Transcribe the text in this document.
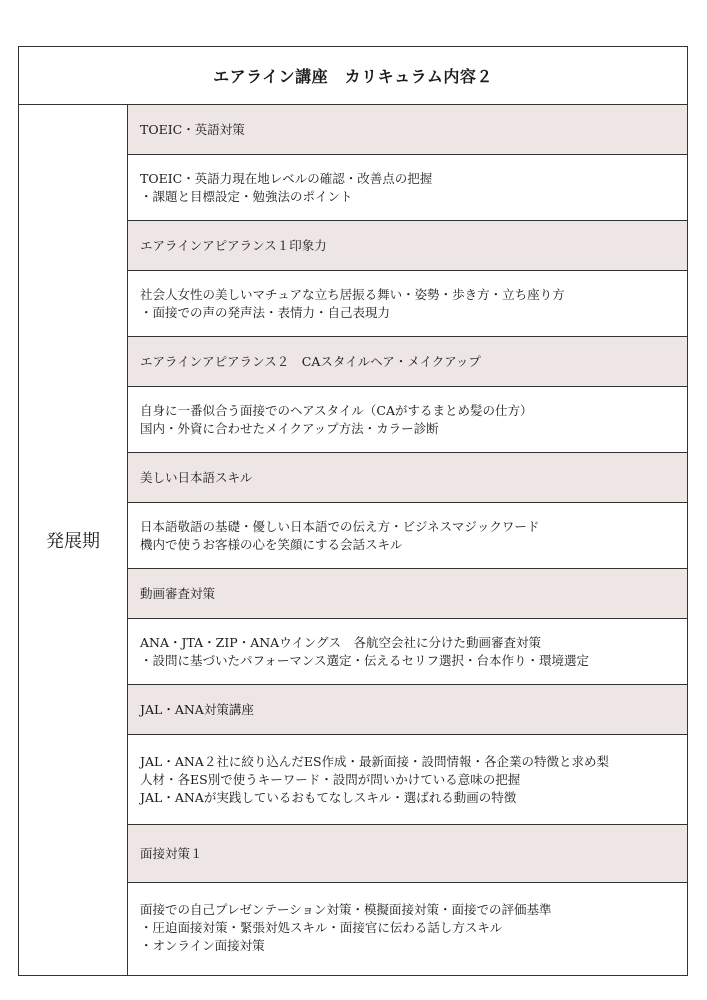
エアライン講座　カリキュラム内容２
発展期
TOEIC・英語対策
TOEIC・英語力現在地レベルの確認・改善点の把握
・課題と目標設定・勉強法のポイント
エアラインアピアランス１印象力
社会人女性の美しいマチュアな立ち居振る舞い・姿勢・歩き方・立ち座り方
・面接での声の発声法・表情力・自己表現力
エアラインアピアランス２　CAスタイルヘア・メイクアップ
自身に一番似合う面接でのヘアスタイル（CAがするまとめ髪の仕方）
国内・外資に合わせたメイクアップ方法・カラー診断
美しい日本語スキル
日本語敬語の基礎・優しい日本語での伝え方・ビジネスマジックワード
機内で使うお客様の心を笑顔にする会話スキル
動画審査対策
ANA・JTA・ZIP・ANAウイングス　各航空会社に分けた動画審査対策
・設問に基づいたパフォーマンス選定・伝えるセリフ選択・台本作り・環境選定
JAL・ANA対策講座
JAL・ANA２社に絞り込んだES作成・最新面接・設問情報・各企業の特徴と求め梨
人材・各ES別で使うキーワード・設問が問いかけている意味の把握
JAL・ANAが実践しているおもてなしスキル・選ばれる動画の特徴
面接対策１
面接での自己プレゼンテーション対策・模擬面接対策・面接での評価基準
・圧迫面接対策・緊張対処スキル・面接官に伝わる話し方スキル
・オンライン面接対策
